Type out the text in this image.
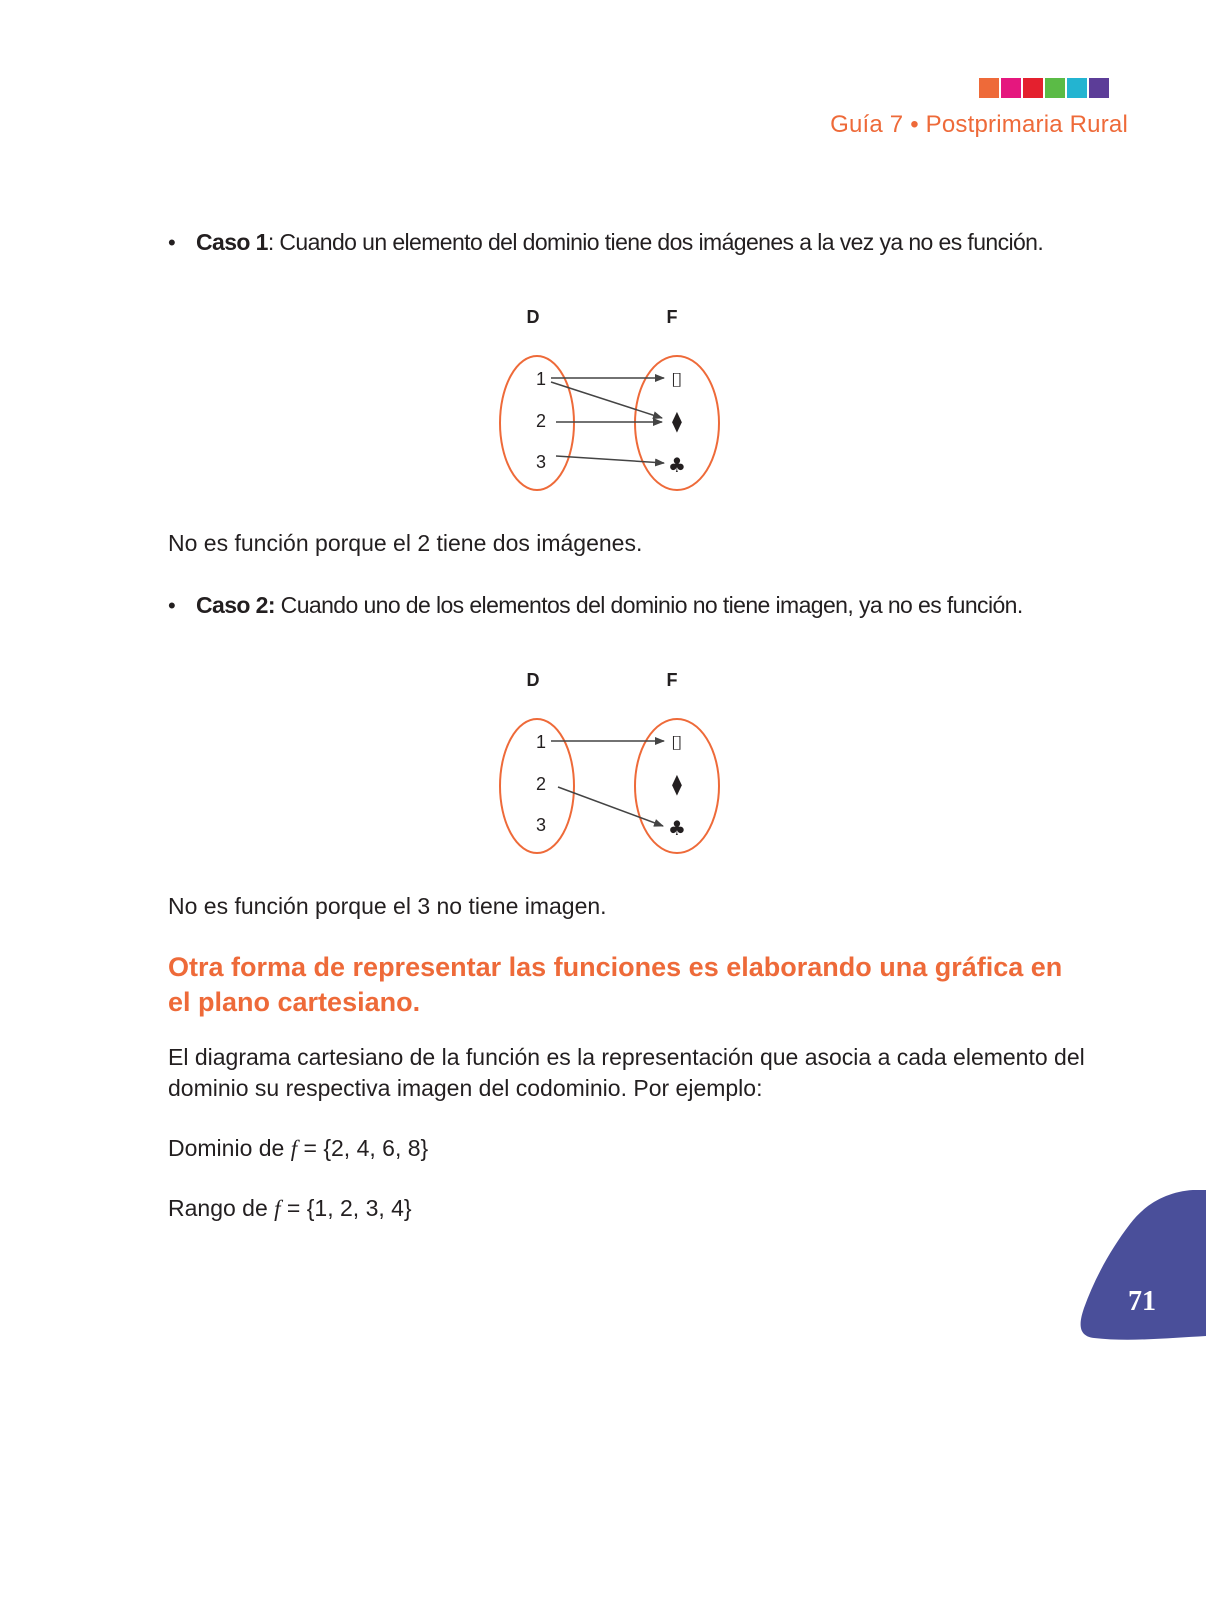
Guía 7 • Postprimaria Rural

• Caso 1: Cuando un elemento del dominio tiene dos imágenes a la vez ya no es función.

D	F
1
2
3
⌷
⧫
♣

No es función porque el 2 tiene dos imágenes.

• Caso 2: Cuando uno de los elementos del dominio no tiene imagen, ya no es función.

D	F
1
2
3
⌷
⧫
♣

No es función porque el 3 no tiene imagen.

Otra forma de representar las funciones es elaborando una gráfica en el plano cartesiano.

El diagrama cartesiano de la función es la representación que asocia a cada elemento del dominio su respectiva imagen del codominio. Por ejemplo:

Dominio de f = {2, 4, 6, 8}

Rango de f = {1, 2, 3, 4}

71
